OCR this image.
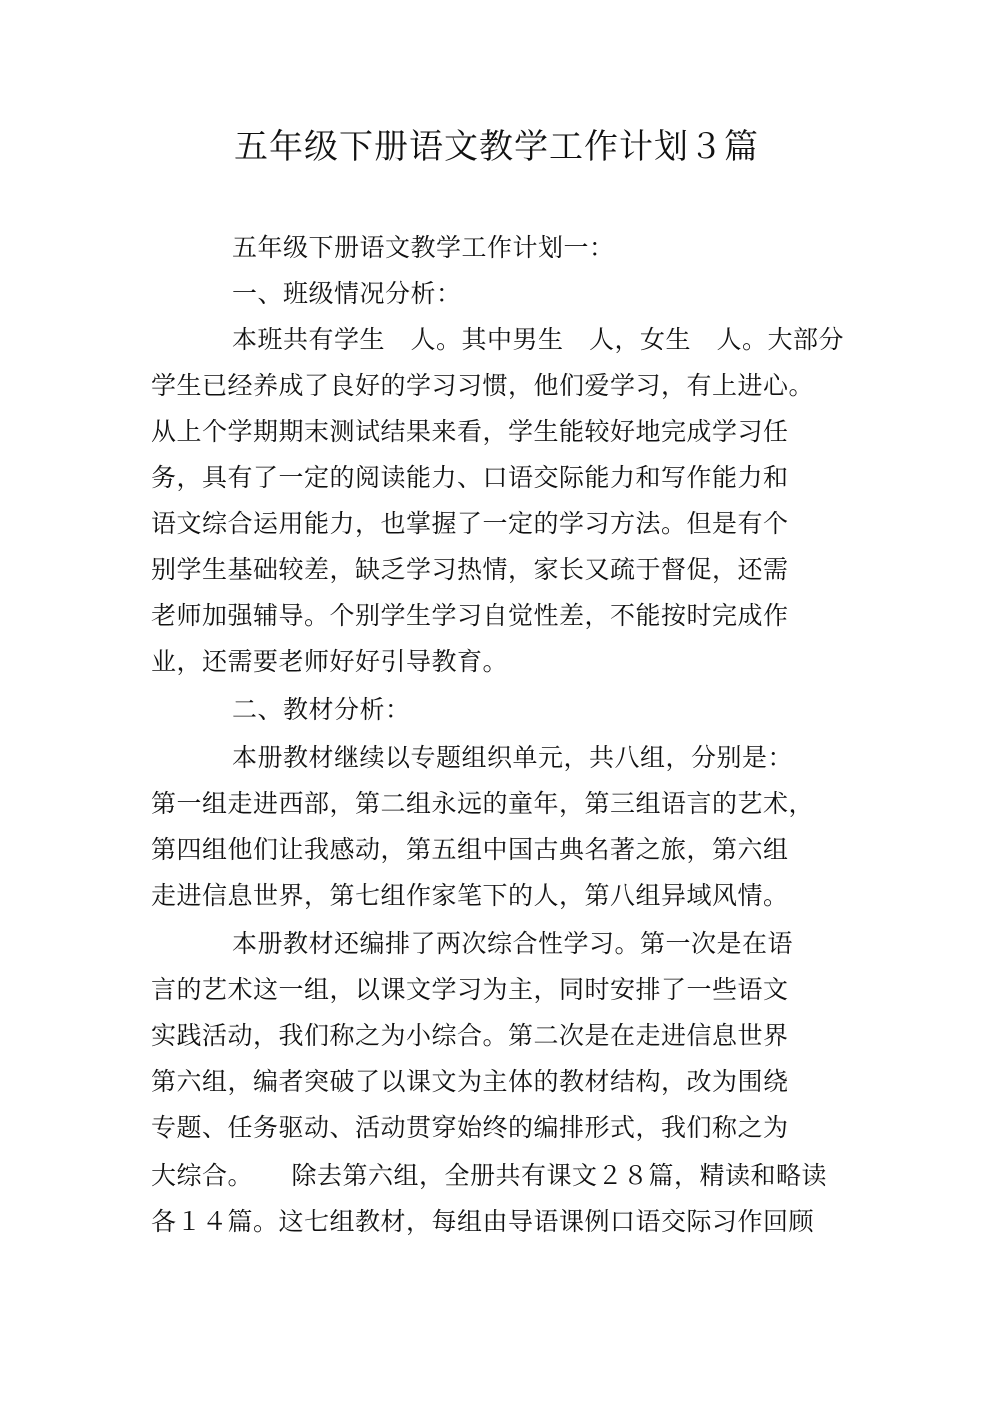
五年级下册语文教学工作计划３篇
五年级下册语文教学工作计划一：
一、班级情况分析：
本班共有学生　人。其中男生　人，女生　人。大部分
学生已经养成了良好的学习习惯，他们爱学习，有上进心。
从上个学期期末测试结果来看，学生能较好地完成学习任
务，具有了一定的阅读能力、口语交际能力和写作能力和
语文综合运用能力，也掌握了一定的学习方法。但是有个
别学生基础较差，缺乏学习热情，家长又疏于督促，还需
老师加强辅导。个别学生学习自觉性差，不能按时完成作
业，还需要老师好好引导教育。
二、教材分析：
本册教材继续以专题组织单元，共八组，分别是：
第一组走进西部，第二组永远的童年，第三组语言的艺术，
第四组他们让我感动，第五组中国古典名著之旅，第六组
走进信息世界，第七组作家笔下的人，第八组异域风情。
本册教材还编排了两次综合性学习。第一次是在语
言的艺术这一组，以课文学习为主，同时安排了一些语文
实践活动，我们称之为小综合。第二次是在走进信息世界
第六组，编者突破了以课文为主体的教材结构，改为围绕
专题、任务驱动、活动贯穿始终的编排形式，我们称之为
大综合。　　除去第六组，全册共有课文２８篇，精读和略读
各１４篇。这七组教材，每组由导语课例口语交际习作回顾
